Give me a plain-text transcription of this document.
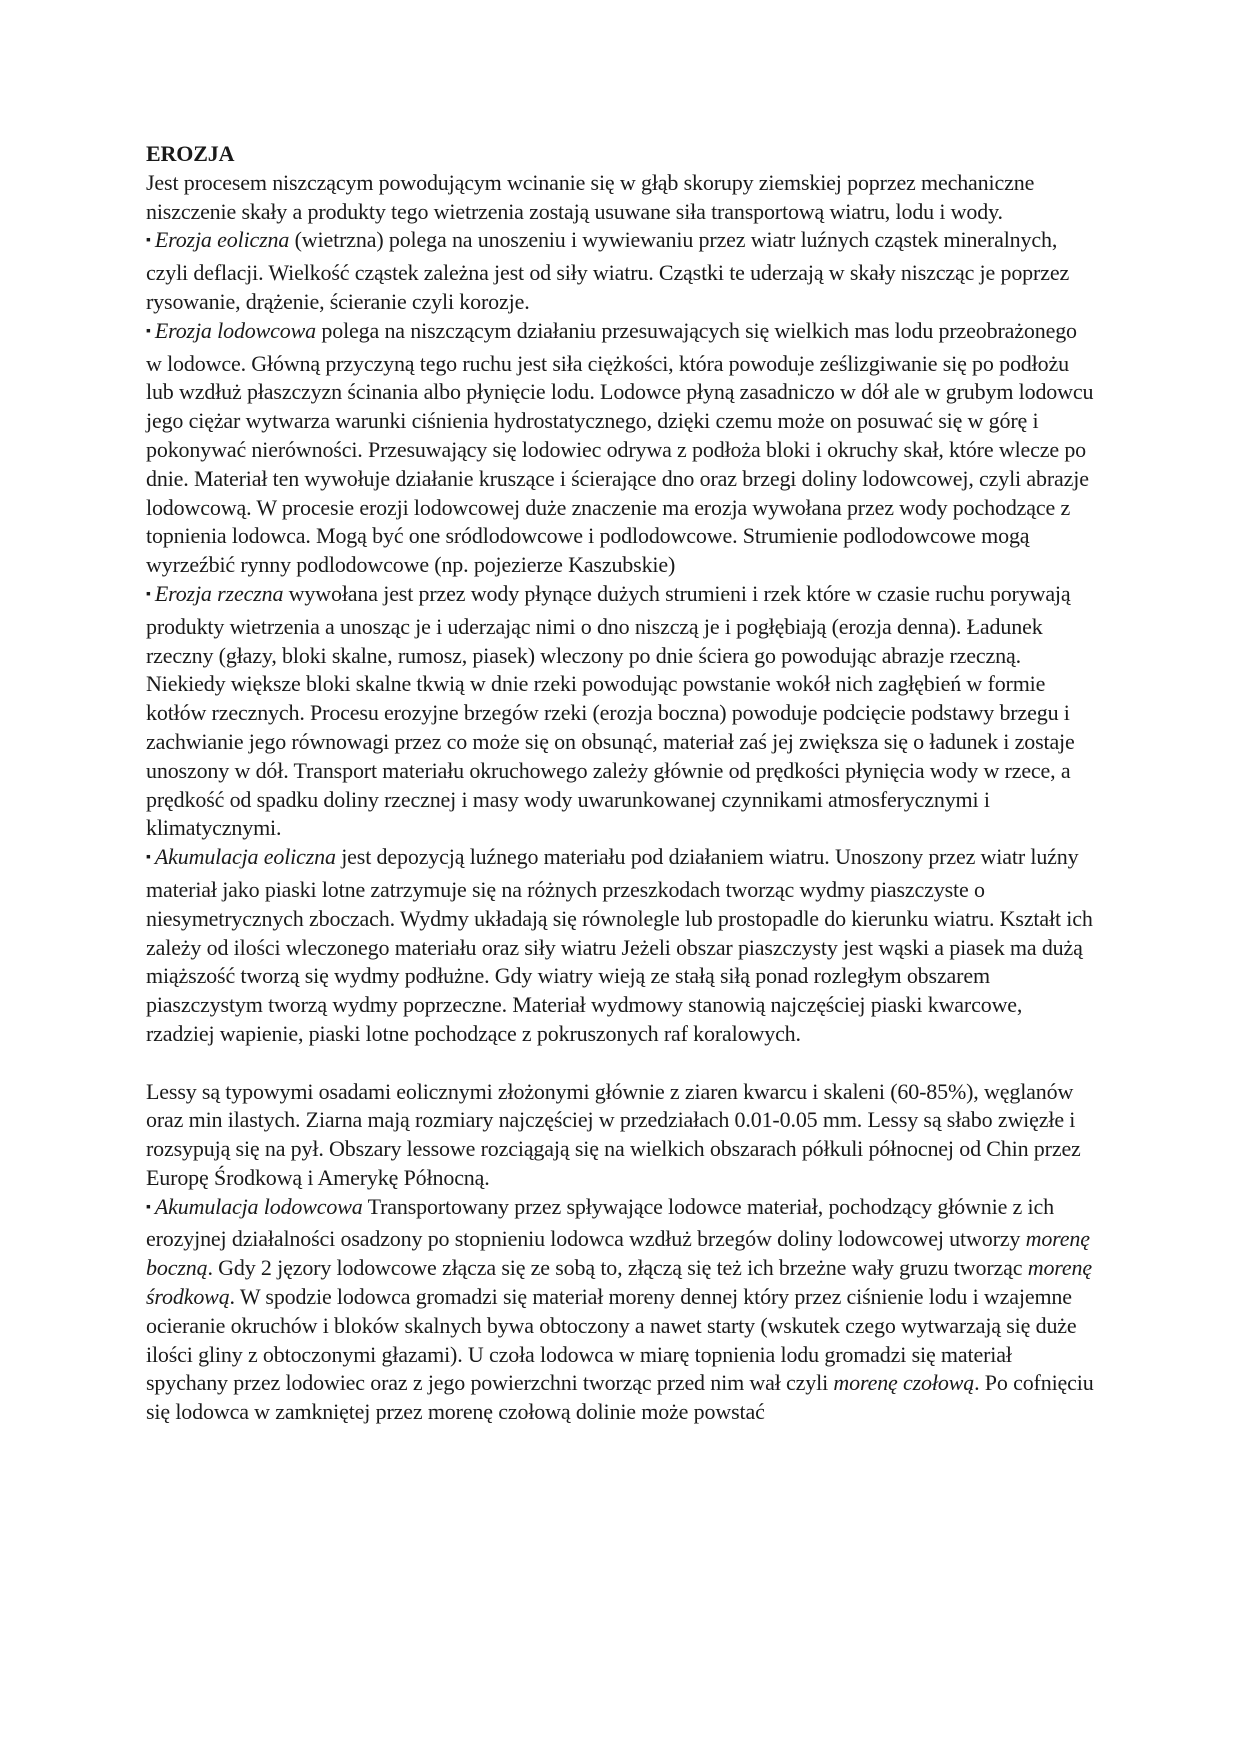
EROZJA

Jest procesem niszczącym powodującym wcinanie się w głąb skorupy ziemskiej poprzez mechaniczne niszczenie skały a produkty tego wietrzenia zostają usuwane siła transportową wiatru, lodu i wody.

▪ Erozja eoliczna (wietrzna) polega na unoszeniu i wywiewaniu przez wiatr luźnych cząstek mineralnych, czyli deflacji. Wielkość cząstek zależna jest od siły wiatru. Cząstki te uderzają w skały niszcząc je poprzez rysowanie, drążenie, ścieranie czyli korozje.

▪ Erozja lodowcowa polega na niszczącym działaniu przesuwających się wielkich mas lodu przeobrażonego w lodowce. Główną przyczyną tego ruchu jest siła ciężkości, która powoduje ześlizgiwanie się po podłożu lub wzdłuż płaszczyzn ścinania albo płynięcie lodu. Lodowce płyną zasadniczo w dół ale w grubym lodowcu jego ciężar wytwarza warunki ciśnienia hydrostatycznego, dzięki czemu może on posuwać się w górę i pokonywać nierówności. Przesuwający się lodowiec odrywa z podłoża bloki i okruchy skał, które wlecze po dnie. Materiał ten wywołuje działanie kruszące i ścierające dno oraz brzegi doliny lodowcowej, czyli abrazje lodowcową. W procesie erozji lodowcowej duże znaczenie ma erozja wywołana przez wody pochodzące z topnienia lodowca. Mogą być one sródlodowcowe i podlodowcowe. Strumienie podlodowcowe mogą wyrzeźbić rynny podlodowcowe (np. pojezierze Kaszubskie)

▪ Erozja rzeczna wywołana jest przez wody płynące dużych strumieni i rzek które w czasie ruchu porywają produkty wietrzenia a unosząc je i uderzając nimi o dno niszczą je i pogłębiają (erozja denna). Ładunek rzeczny (głazy, bloki skalne, rumosz, piasek) wleczony po dnie ściera go powodując abrazje rzeczną. Niekiedy większe bloki skalne tkwią w dnie rzeki powodując powstanie wokół nich zagłębień w formie kotłów rzecznych. Procesu erozyjne brzegów rzeki (erozja boczna) powoduje podcięcie podstawy brzegu i zachwianie jego równowagi przez co może się on obsunąć, materiał zaś jej zwiększa się o ładunek i zostaje unoszony w dół. Transport materiału okruchowego zależy głównie od prędkości płynięcia wody w rzece, a prędkość od spadku doliny rzecznej i masy wody uwarunkowanej czynnikami atmosferycznymi i klimatycznymi.

▪ Akumulacja eoliczna jest depozycją luźnego materiału pod działaniem wiatru. Unoszony przez wiatr luźny materiał jako piaski lotne zatrzymuje się na różnych przeszkodach tworząc wydmy piaszczyste o niesymetrycznych zboczach. Wydmy układają się równolegle lub prostopadle do kierunku wiatru. Kształt ich zależy od ilości wleczonego materiału oraz siły wiatru Jeżeli obszar piaszczysty jest wąski a piasek ma dużą miąższość tworzą się wydmy podłużne. Gdy wiatry wieją ze stałą siłą ponad rozległym obszarem piaszczystym tworzą wydmy poprzeczne. Materiał wydmowy stanowią najczęściej piaski kwarcowe, rzadziej wapienie, piaski lotne pochodzące z pokruszonych raf koralowych.

Lessy są typowymi osadami eolicznymi złożonymi głównie z ziaren kwarcu i skaleni (60-85%), węglanów oraz min ilastych. Ziarna mają rozmiary najczęściej w przedziałach 0.01-0.05 mm. Lessy są słabo zwięzłe i rozsypują się na pył. Obszary lessowe rozciągają się na wielkich obszarach półkuli północnej od Chin przez Europę Środkową i Amerykę Północną.

▪ Akumulacja lodowcowa Transportowany przez spływające lodowce materiał, pochodzący głównie z ich erozyjnej działalności osadzony po stopnieniu lodowca wzdłuż brzegów doliny lodowcowej utworzy morenę boczną. Gdy 2 jęzory lodowcowe złącza się ze sobą to, złączą się też ich brzeżne wały gruzu tworząc morenę środkową. W spodzie lodowca gromadzi się materiał moreny dennej który przez ciśnienie lodu i wzajemne ocieranie okruchów i bloków skalnych bywa obtoczony a nawet starty (wskutek czego wytwarzają się duże ilości gliny z obtoczonymi głazami). U czoła lodowca w miarę topnienia lodu gromadzi się materiał spychany przez lodowiec oraz z jego powierzchni tworząc przed nim wał czyli morenę czołową. Po cofnięciu się lodowca w zamkniętej przez morenę czołową dolinie może powstać
